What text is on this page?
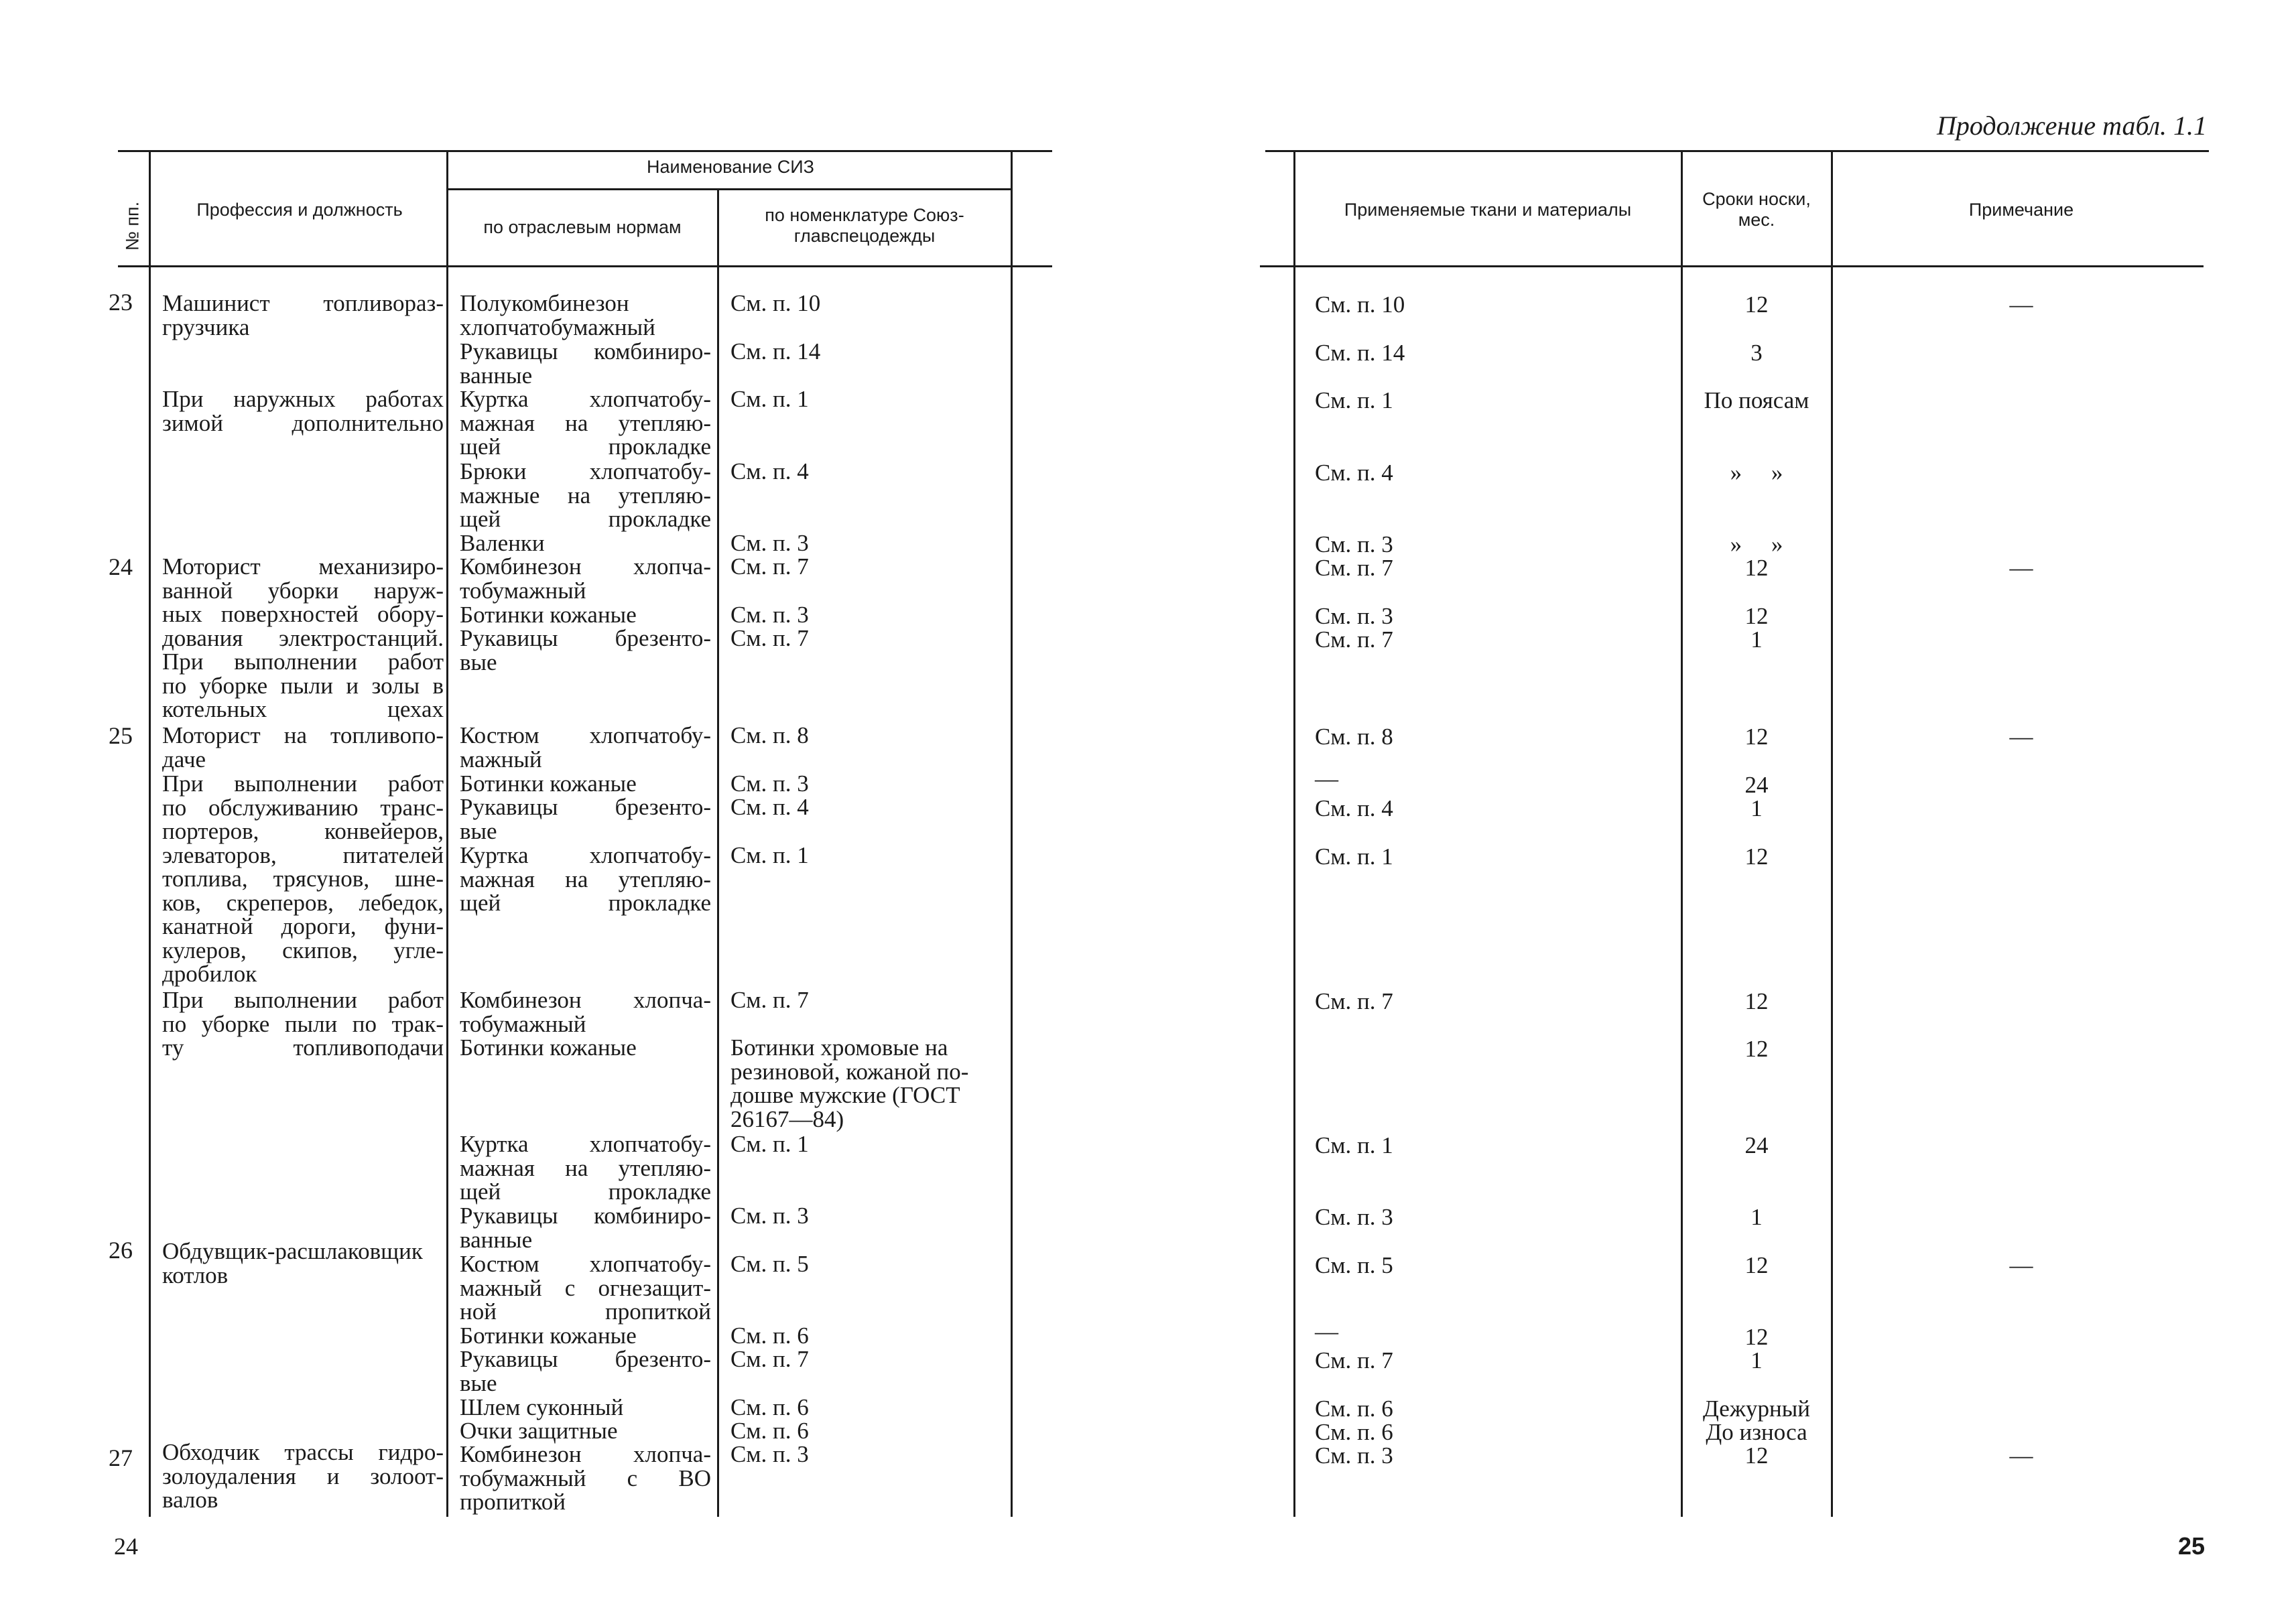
№ пп.	Профессия и должность
Наименование СИЗ
по отраслевым нормам
по номенклатуре Союз-
главспецодежды
23
24
25
26
27
Машинист топливораз-
грузчика
При наружных работах
зимой дополнительно
Моторист механизиро-
ванной уборки наруж-
ных поверхностей обору-
дования электростанций.
При выполнении работ
по уборке пыли и золы в
котельных цехах
Моторист на топливопо-
даче
При выполнении работ
по обслуживанию транс-
портеров, конвейеров,
элеваторов, питателей
топлива, трясунов, шне-
ков, скреперов, лебедок,
канатной дороги, фуни-
кулеров, скипов, угле-
дробилок
При выполнении работ
по уборке пыли по трак-
ту топливоподачи
Обдувщик-расшлаковщик
котлов
Обходчик трассы гидро-
золоудаления и золоот-
валов
Полукомбинезон
хлопчатобумажный
Рукавицы комбиниро-
ванные
Куртка хлопчатобу-
мажная на утепляю-
щей прокладке
Брюки хлопчатобу-
мажные на утепляю-
щей прокладке
Валенки
Комбинезон хлопча-
тобумажный
Ботинки кожаные
Рукавицы брезенто-
вые
Костюм хлопчатобу-
мажный
Ботинки кожаные
Рукавицы брезенто-
вые
Куртка хлопчатобу-
мажная на утепляю-
щей прокладке
Комбинезон хлопча-
тобумажный
Ботинки кожаные
Куртка хлопчатобу-
мажная на утепляю-
щей прокладке
Рукавицы комбиниро-
ванные
Костюм хлопчатобу-
мажный с огнезащит-
ной пропиткой
Ботинки кожаные
Рукавицы брезенто-
вые
Шлем суконный
Очки защитные
Комбинезон хлопча-
тобумажный с ВО
пропиткой
См. п. 10
См. п. 14
См. п. 1
См. п. 4
См. п. 3
См. п. 7
См. п. 3
См. п. 7
См. п. 8
См. п. 3
См. п. 4
См. п. 1
См. п. 7
Ботинки хромовые на
резиновой, кожаной по-
дошве мужские (ГОСТ
26167—84)
См. п. 1
См. п. 3
См. п. 5
См. п. 6
См. п. 7
См. п. 6
См. п. 6
См. п. 3
24
Продолжение табл. 1.1
Применяемые ткани и материалы
Сроки носки,
мес.	Примечание
См. п. 10
См. п. 14
См. п. 1
См. п. 4
См. п. 3
См. п. 7
См. п. 3
См. п. 7
См. п. 8
—
См. п. 4
См. п. 1
См. п. 7
См. п. 1
См. п. 3
См. п. 5
—
См. п. 7
См. п. 6
См. п. 6
См. п. 3
12
3
По поясам
»     »
»     »
12
12
1
12
24
1
12
12
12
24
1
12
12
1
Дежурный
До износа
12
—
—
—
—
—
25
